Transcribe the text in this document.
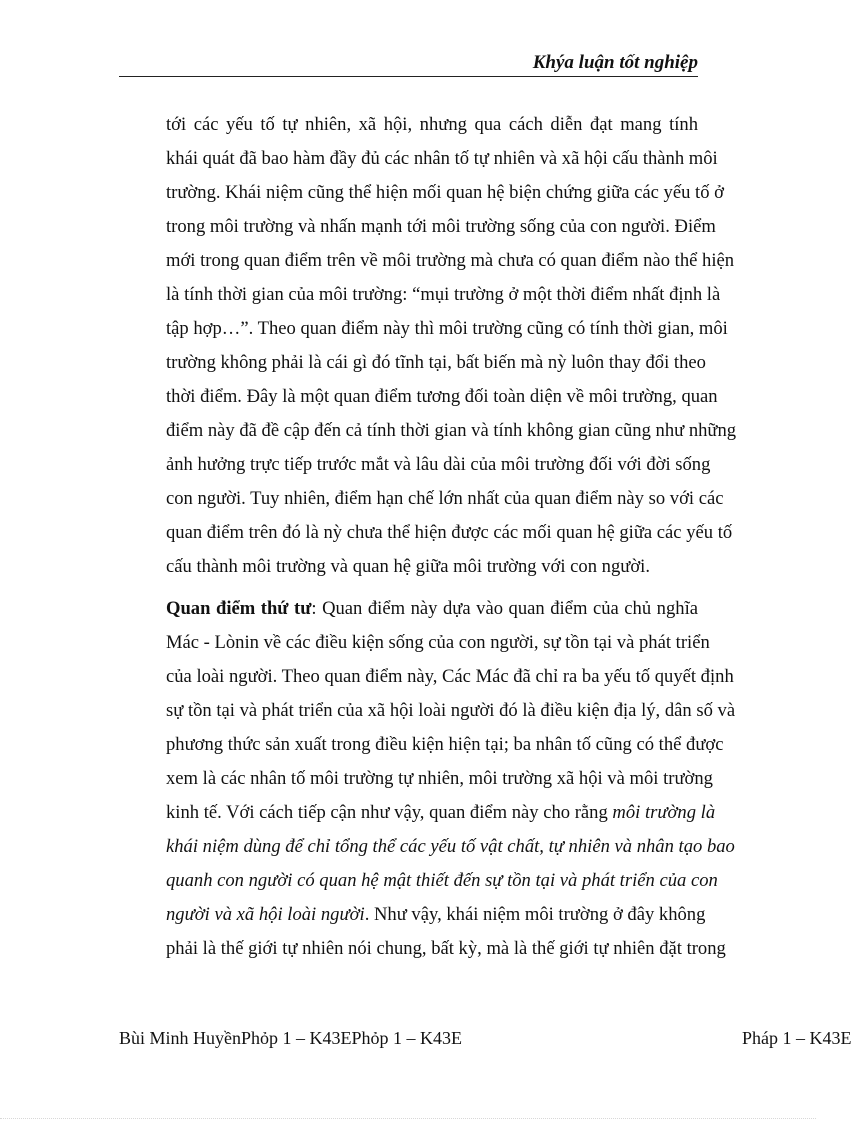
Khýa luận tốt nghiệp

tới các yếu tố tự nhiên, xã hội, nhưng qua cách diễn đạt mang tính
khái quát đã bao hàm đầy đủ các nhân tố tự nhiên và xã hội cấu thành môi
trường. Khái niệm cũng thể hiện mối quan hệ biện chứng giữa các yếu tố ở
trong môi trường và nhấn mạnh tới môi trường sống của con người. Điểm
mới trong quan điểm trên về môi trường mà chưa có quan điểm nào thể hiện
là tính thời gian của môi trường: “mụi trường ở một thời điểm nhất định là
tập hợp…”. Theo quan điểm này thì môi trường cũng có tính thời gian, môi
trường không phải là cái gì đó tĩnh tại, bất biến mà nỳ luôn thay đổi theo
thời điểm. Đây là một quan điểm tương đối toàn diện về môi trường, quan
điểm này đã đề cập đến cả tính thời gian và tính không gian cũng như những
ảnh hưởng trực tiếp trước mắt và lâu dài của môi trường đối với đời sống
con người. Tuy nhiên, điểm hạn chế lớn nhất của quan điểm này so với các
quan điểm trên đó là nỳ chưa thể hiện được các mối quan hệ giữa các yếu tố
cấu thành môi trường và quan hệ giữa môi trường với con người.

Quan điểm thứ tư: Quan điểm này dựa vào quan điểm của chủ nghĩa
Mác - Lònin về các điều kiện sống của con người, sự tồn tại và phát triển
của loài người. Theo quan điểm này, Các Mác đã chỉ ra ba yếu tố quyết định
sự tồn tại và phát triển của xã hội loài người đó là điều kiện địa lý, dân số và
phương thức sản xuất trong điều kiện hiện tại; ba nhân tố cũng có thể được
xem là các nhân tố môi trường tự nhiên, môi trường xã hội và môi trường
kinh tế. Với cách tiếp cận như vậy, quan điểm này cho rằng môi trường là
khái niệm dùng để chỉ tổng thể các yếu tố vật chất, tự nhiên và nhân tạo bao
quanh con người có quan hệ mật thiết đến sự tồn tại và phát triển của con
người và xã hội loài người. Như vậy, khái niệm môi trường ở đây không
phải là thế giới tự nhiên nói chung, bất kỳ, mà là thế giới tự nhiên đặt trong

Bùi Minh HuyềnPhỏp 1 – K43EPhỏp 1 – K43E	Pháp 1 – K43E
